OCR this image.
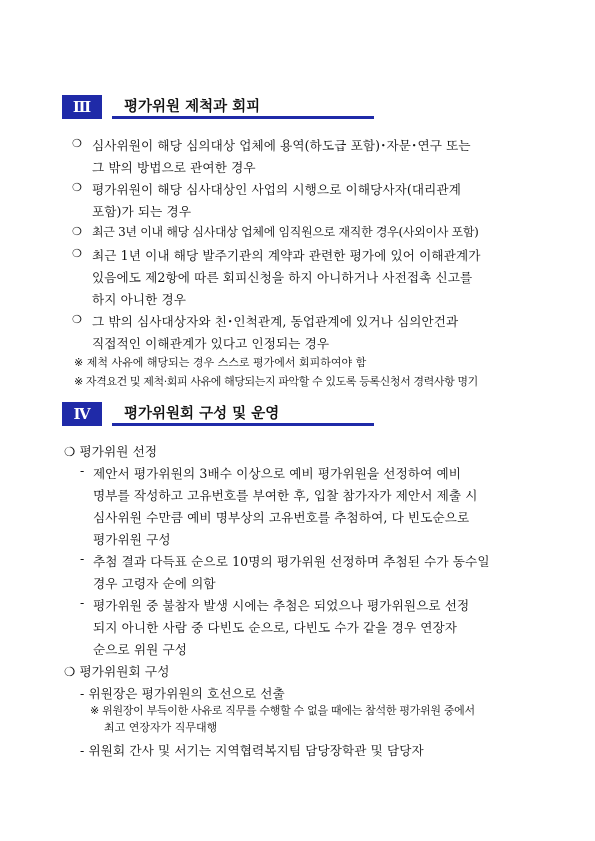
Ⅲ	평가위원 제척과 회피
❍ 심사위원이 해당 심의대상 업체에 용역(하도급 포함)･자문･연구 또는
그 밖의 방법으로 관여한 경우
❍ 평가위원이 해당 심사대상인 사업의 시행으로 이해당사자(대리관계
포함)가 되는 경우
❍ 최근 3년 이내 해당 심사대상 업체에 임직원으로 재직한 경우(사외이사 포함)
❍ 최근 1년 이내 해당 발주기관의 계약과 관련한 평가에 있어 이해관계가
있음에도 제2항에 따른 회피신청을 하지 아니하거나 사전접촉 신고를
하지 아니한 경우
❍ 그 밖의 심사대상자와 친･인척관계, 동업관계에 있거나 심의안건과
직접적인 이해관계가 있다고 인정되는 경우
※ 제척 사유에 해당되는 경우 스스로 평가에서 회피하여야 함
※ 자격요건 및 제척·회피 사유에 해당되는지 파악할 수 있도록 등록신청서 경력사항 명기
Ⅳ	평가위원회 구성 및 운영
❍ 평가위원 선정
- 제안서 평가위원의 3배수 이상으로 예비 평가위원을 선정하여 예비
명부를 작성하고 고유번호를 부여한 후, 입찰 참가자가 제안서 제출 시
심사위원 수만큼 예비 명부상의 고유번호를 추첨하여, 다 빈도순으로
평가위원 구성
- 추첨 결과 다득표 순으로 10명의 평가위원 선정하며 추첨된 수가 동수일
경우 고령자 순에 의함
- 평가위원 중 불참자 발생 시에는 추첨은 되었으나 평가위원으로 선정
되지 아니한 사람 중 다빈도 순으로, 다빈도 수가 같을 경우 연장자
순으로 위원 구성
❍ 평가위원회 구성
- 위원장은 평가위원의 호선으로 선출
※ 위원장이 부득이한 사유로 직무를 수행할 수 없을 때에는 참석한 평가위원 중에서
최고 연장자가 직무대행
- 위원회 간사 및 서기는 지역협력복지팀 담당장학관 및 담당자
